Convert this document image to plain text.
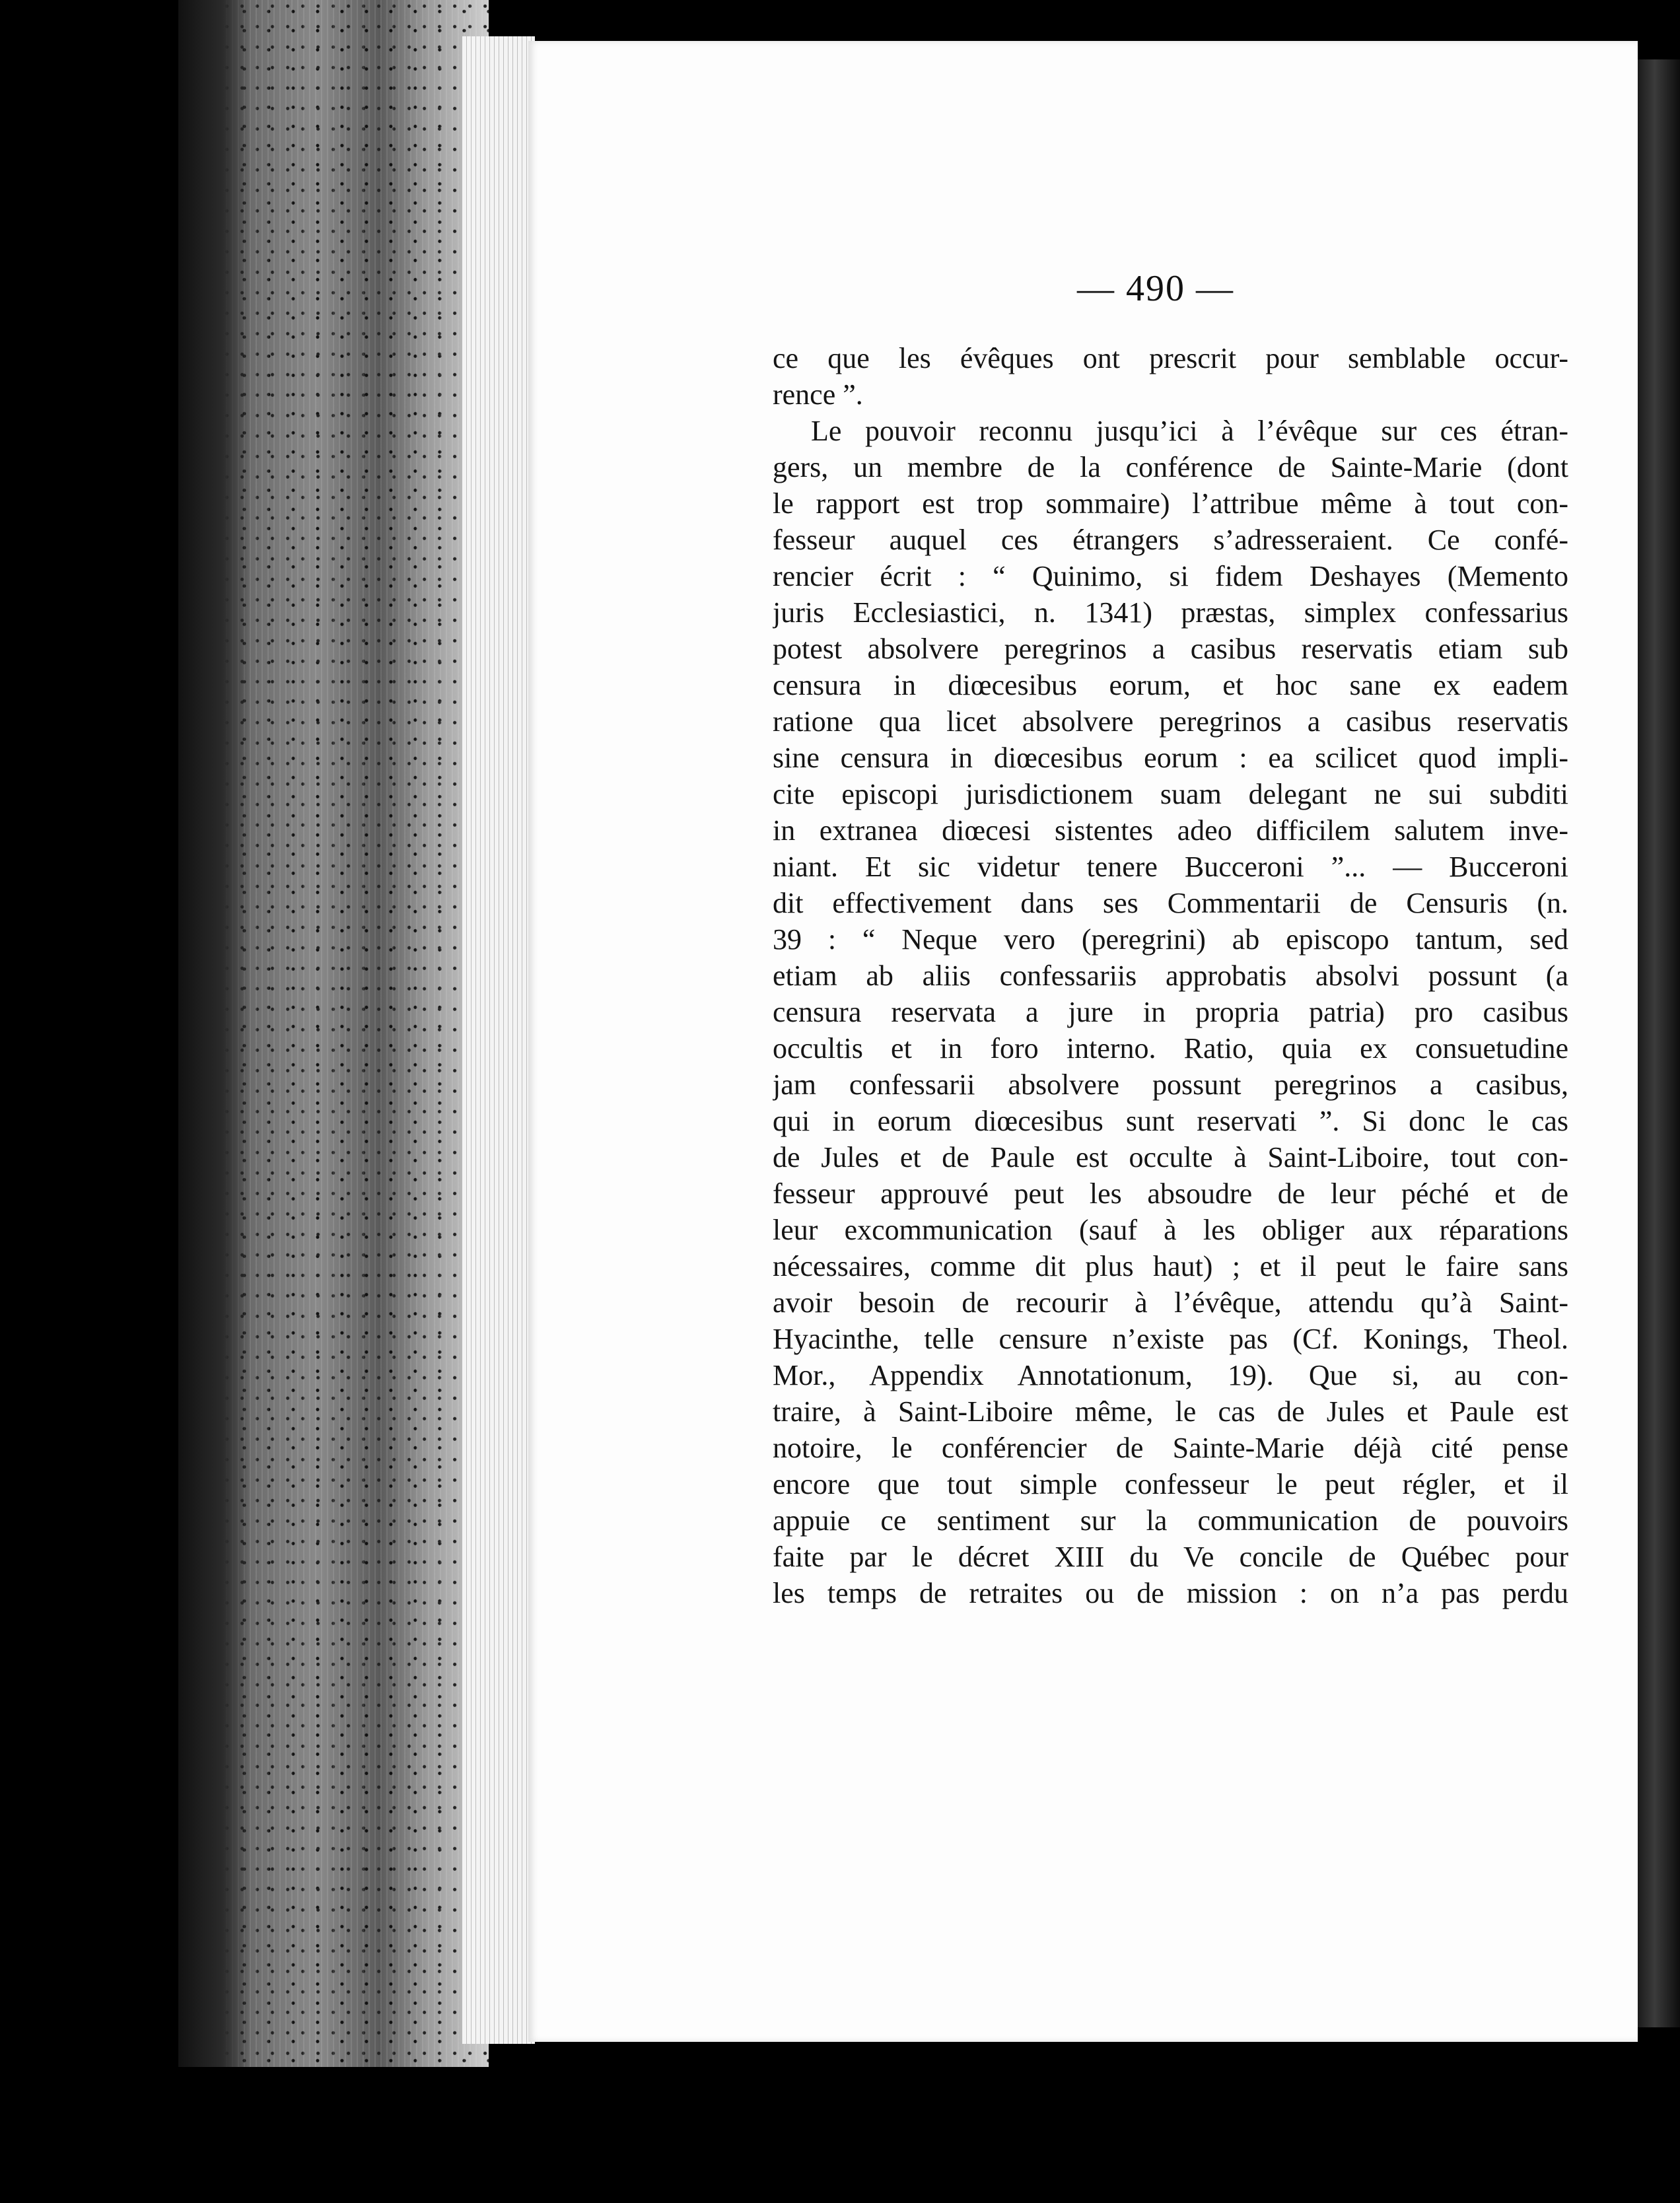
— 490 —
ce que les évêques ont prescrit pour semblable occur-
rence ”.
Le pouvoir reconnu jusqu’ici à l’évêque sur ces étran-
gers, un membre de la conférence de Sainte-Marie (dont
le rapport est trop sommaire) l’attribue même à tout con-
fesseur auquel ces étrangers s’adresseraient. Ce confé-
rencier écrit : “ Quinimo, si fidem Deshayes (Memento
juris Ecclesiastici, n. 1341) præstas, simplex confessarius
potest absolvere peregrinos a casibus reservatis etiam sub
censura in diœcesibus eorum, et hoc sane ex eadem
ratione qua licet absolvere peregrinos a casibus reservatis
sine censura in diœcesibus eorum : ea scilicet quod impli-
cite episcopi jurisdictionem suam delegant ne sui subditi
in extranea diœcesi sistentes adeo difficilem salutem inve-
niant. Et sic videtur tenere Bucceroni ”... — Bucceroni
dit effectivement dans ses Commentarii de Censuris (n.
39 : “ Neque vero (peregrini) ab episcopo tantum, sed
etiam ab aliis confessariis approbatis absolvi possunt (a
censura reservata a jure in propria patria) pro casibus
occultis et in foro interno. Ratio, quia ex consuetudine
jam confessarii absolvere possunt peregrinos a casibus,
qui in eorum diœcesibus sunt reservati ”. Si donc le cas
de Jules et de Paule est occulte à Saint-Liboire, tout con-
fesseur approuvé peut les absoudre de leur péché et de
leur excommunication (sauf à les obliger aux réparations
nécessaires, comme dit plus haut) ; et il peut le faire sans
avoir besoin de recourir à l’évêque, attendu qu’à Saint-
Hyacinthe, telle censure n’existe pas (Cf. Konings, Theol.
Mor., Appendix Annotationum, 19). Que si, au con-
traire, à Saint-Liboire même, le cas de Jules et Paule est
notoire, le conférencier de Sainte-Marie déjà cité pense
encore que tout simple confesseur le peut régler, et il
appuie ce sentiment sur la communication de pouvoirs
faite par le décret XIII du Ve concile de Québec pour
les temps de retraites ou de mission : on n’a pas perdu
